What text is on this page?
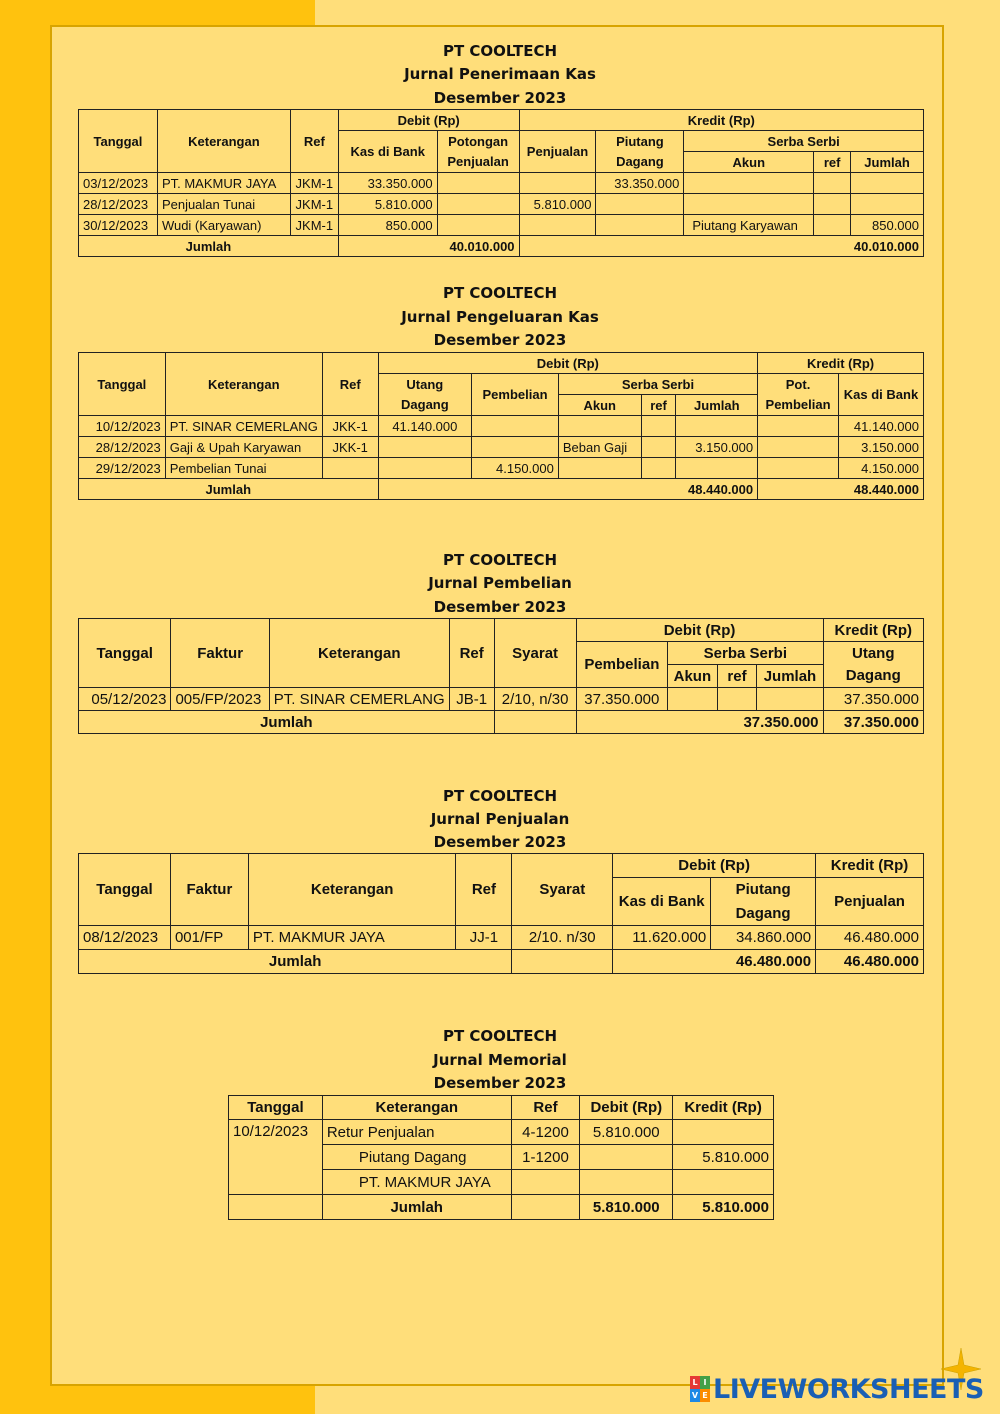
PT COOLTECH
Jurnal Penerimaan Kas
Desember 2023
Tanggal	Keterangan	Ref	Debit (Rp)		Kredit (Rp)				
			Kas di Bank	Potongan	Penjualan	Piutang	Serba Serbi		
				Penjualan		Dagang	Akun	ref	Jumlah
03/12/2023	PT. MAKMUR JAYA	JKM-1	33.350.000			33.350.000			
28/12/2023	Penjualan Tunai	JKM-1	5.810.000		5.810.000				
30/12/2023	Wudi (Karyawan)	JKM-1	850.000				Piutang Karyawan		850.000
Jumlah			40.010.000		40.010.000				
PT COOLTECH
Jurnal Pengeluaran Kas
Desember 2023
Tanggal	Keterangan	Ref	Debit (Rp)					Kredit (Rp)	
			Utang	Pembelian	Serba Serbi			Pot.	Kas di Bank
			Dagang		Akun	ref	Jumlah	Pembelian	
10/12/2023	PT. SINAR CEMERLANG	JKK-1	41.140.000						41.140.000
28/12/2023	Gaji & Upah Karyawan	JKK-1			Beban Gaji		3.150.000		3.150.000
29/12/2023	Pembelian Tunai			4.150.000					4.150.000
Jumlah			48.440.000					48.440.000	
PT COOLTECH
Jurnal Pembelian
Desember 2023
Tanggal	Faktur	Keterangan	Ref	Syarat	Debit (Rp)				Kredit (Rp)
					Pembelian	Serba Serbi			Utang
						Akun	ref	Jumlah	Dagang
05/12/2023	005/FP/2023	PT. SINAR CEMERLANG	JB-1	2/10, n/30	37.350.000				37.350.000
Jumlah					37.350.000				37.350.000
PT COOLTECH
Jurnal Penjualan
Desember 2023
Tanggal	Faktur	Keterangan	Ref	Syarat	Debit (Rp)		Kredit (Rp)
					Kas di Bank	Piutang	Penjualan
						Dagang	
08/12/2023	001/FP	PT. MAKMUR JAYA	JJ-1	2/10. n/30	11.620.000	34.860.000	46.480.000
Jumlah					46.480.000		46.480.000
PT COOLTECH
Jurnal Memorial
Desember 2023
Tanggal	Keterangan	Ref	Debit (Rp)	Kredit (Rp)
10/12/2023	Retur Penjualan	4-1200	5.810.000	
	Piutang Dagang	1-1200		5.810.000
	PT. MAKMUR JAYA			
	Jumlah		5.810.000	5.810.000
L I
V E LIVEWORKSHEETS
